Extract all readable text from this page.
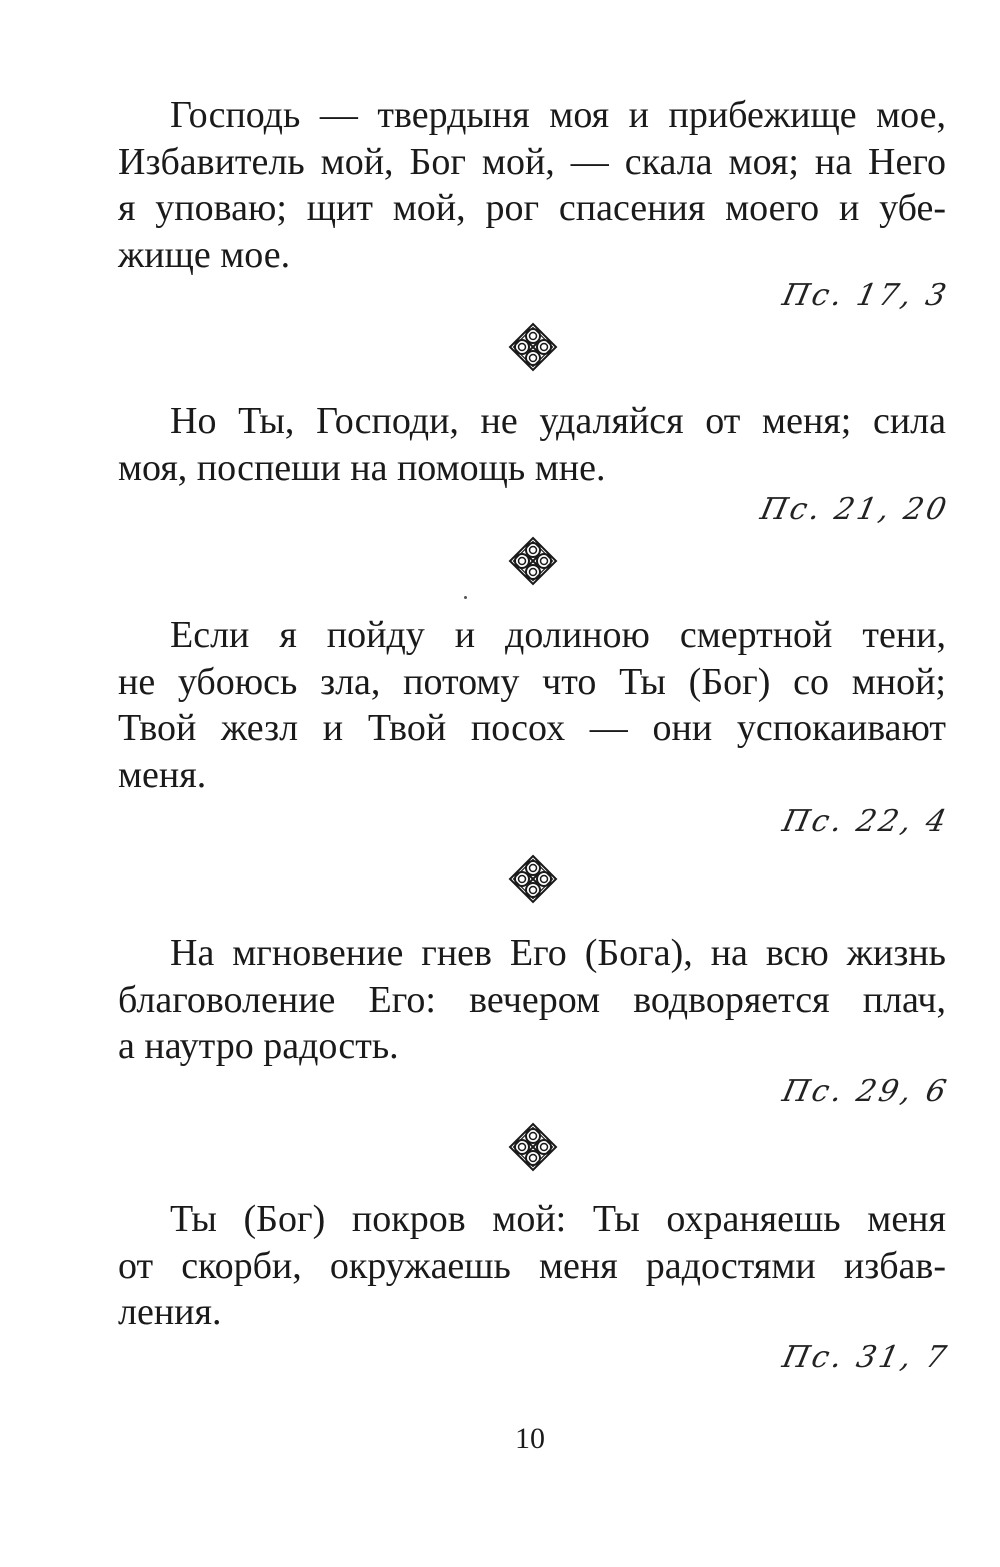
Господь — твердыня моя и прибежище мое,
Избавитель мой, Бог мой, — скала моя; на Него
я уповаю; щит мой, рог спасения моего и убе-
жище мое.

Пс. 17, 3

Но Ты, Господи, не удаляйся от меня; сила
моя, поспеши на помощь мне.

Пс. 21, 20

Если я пойду и долиною смертной тени,
не убоюсь зла, потому что Ты (Бог) со мной;
Твой жезл и Твой посох — они успокаивают
меня.

Пс. 22, 4

На мгновение гнев Его (Бога), на всю жизнь
благоволение Его: вечером водворяется плач,
а наутро радость.

Пс. 29, 6

Ты (Бог) покров мой: Ты охраняешь меня
от скорби, окружаешь меня радостями избав-
ления.

Пс. 31, 7

10
